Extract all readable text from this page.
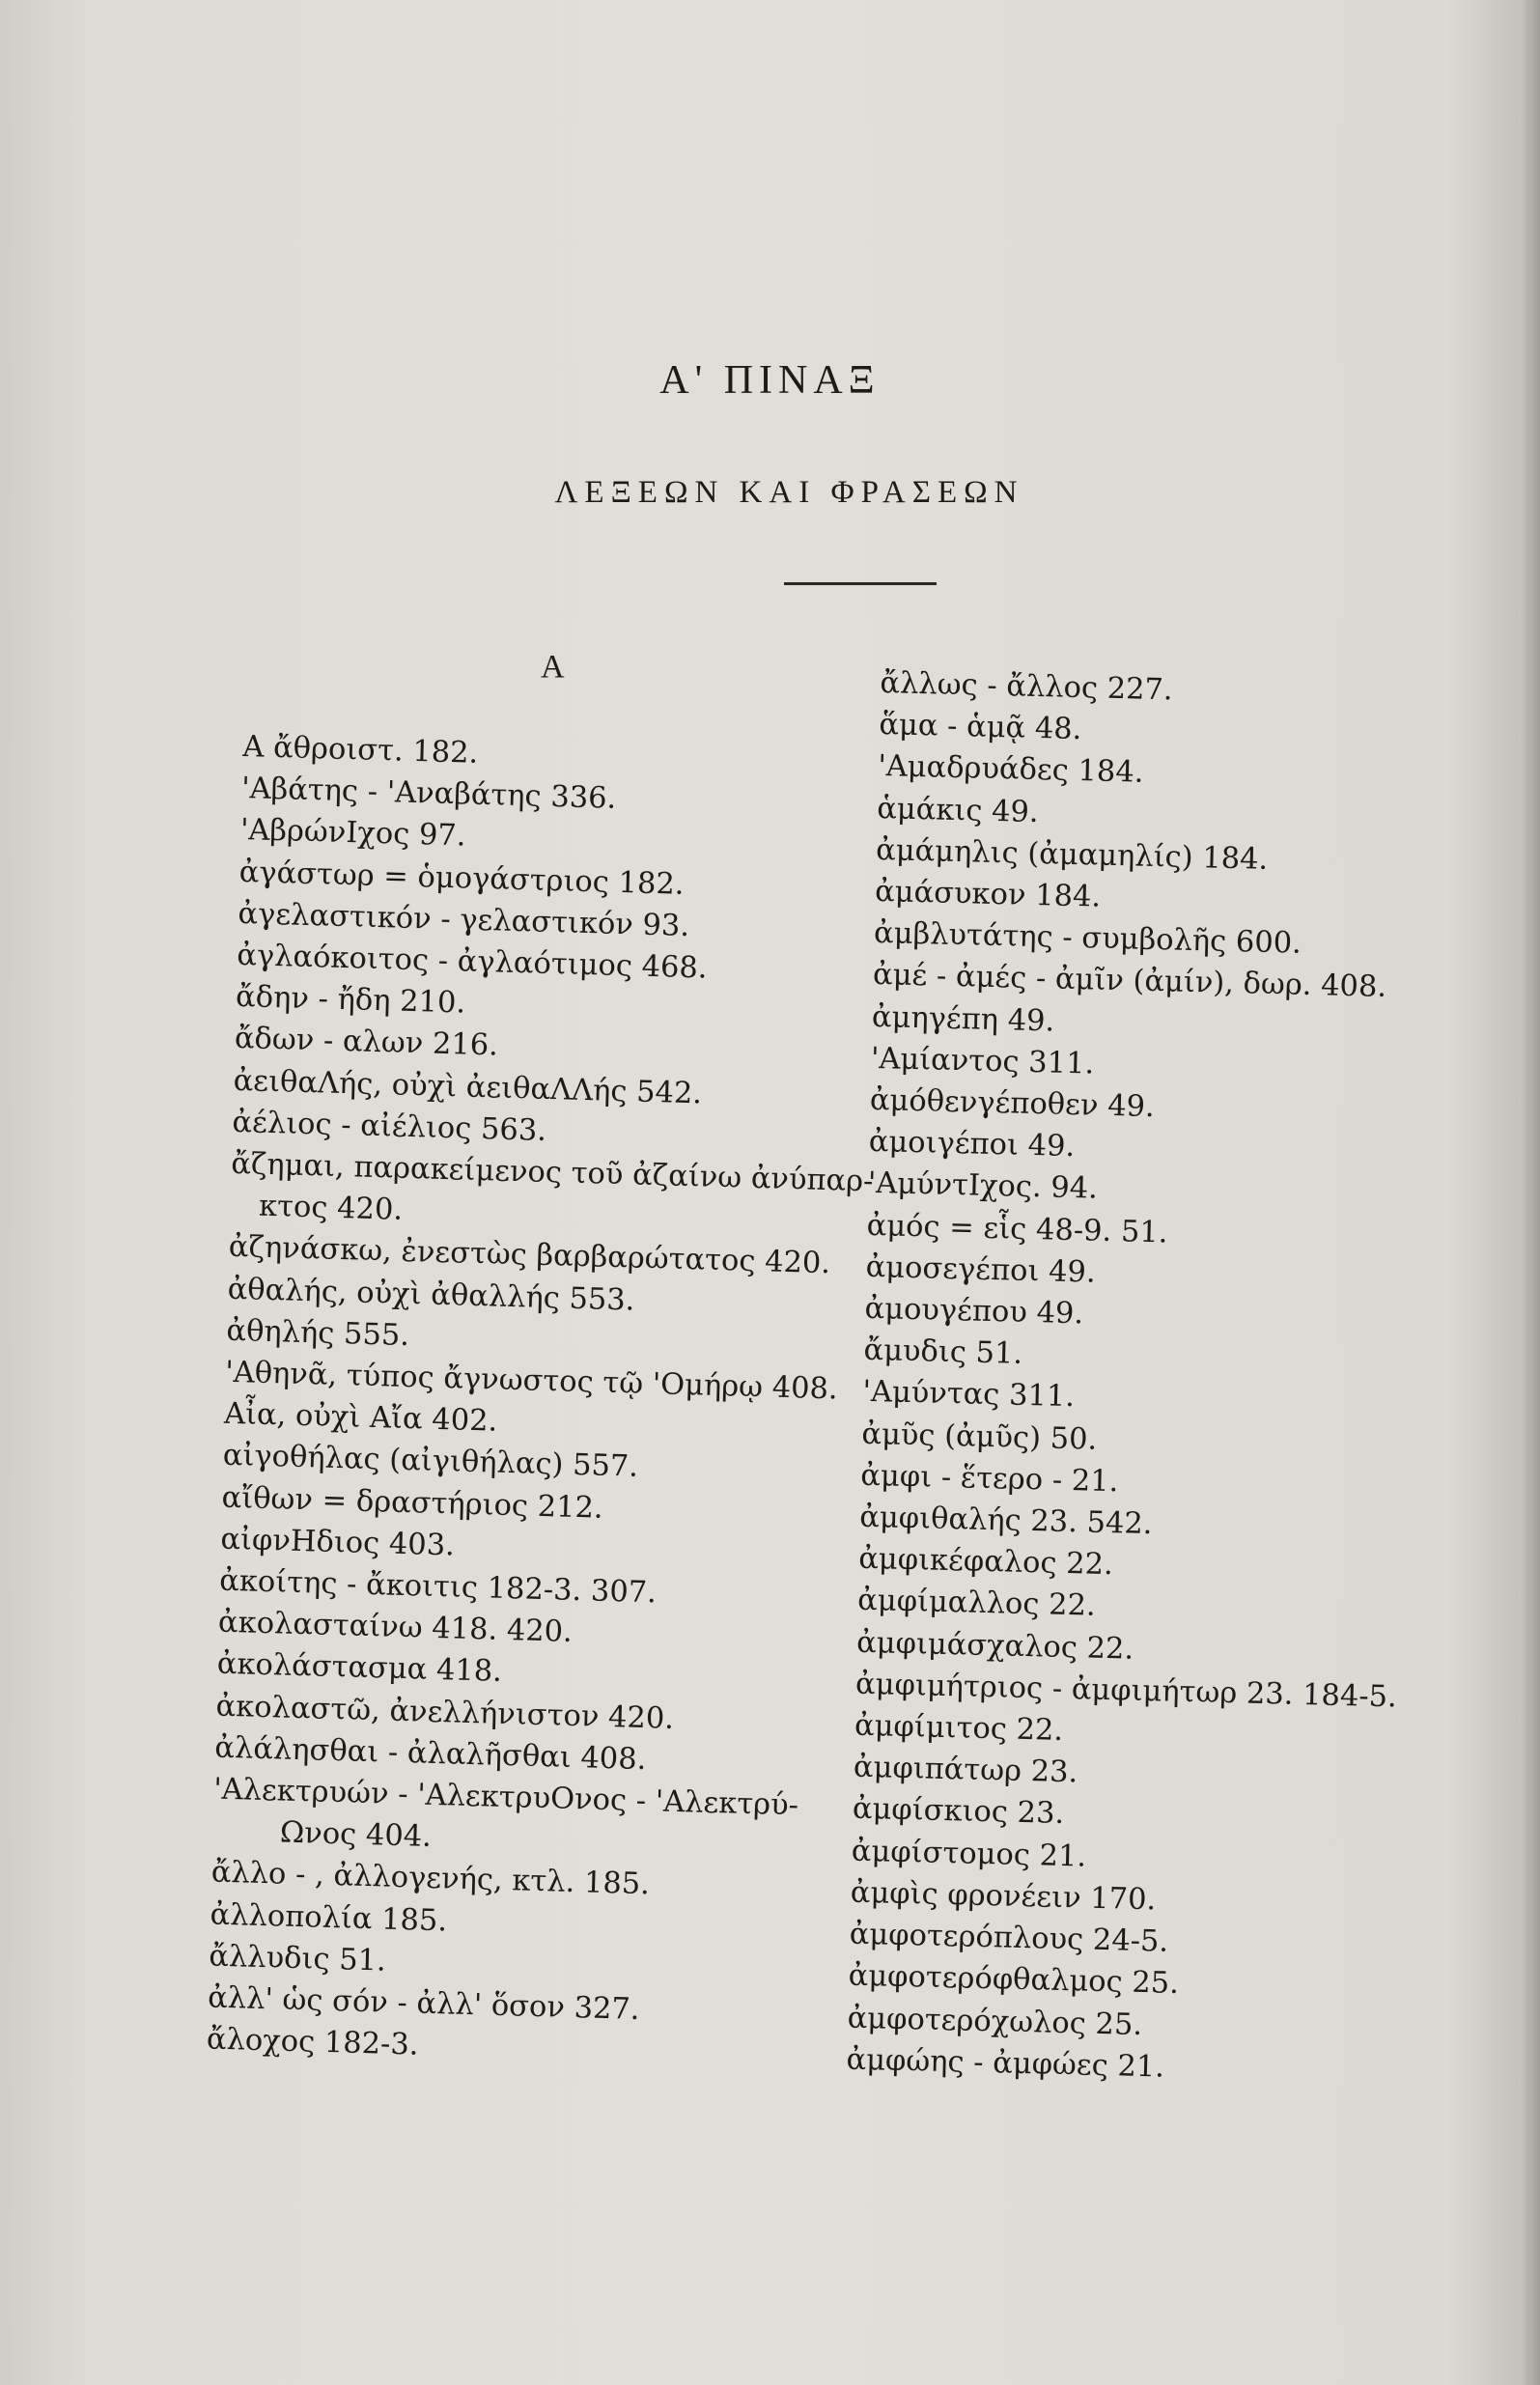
Α' ΠΙΝΑΞ
ΛΕΞΕΩΝ ΚΑΙ ΦΡΑΣΕΩΝ
Α
Α ἄθροιστ. 182.
'Αβάτης - 'Αναβάτης 336.
'ΑβρώνΙχος 97.
ἀγάστωρ = ὁμογάστριος 182.
ἀγελαστικόν - γελαστικόν 93.
ἀγλαόκοιτος - ἀγλαότιμος 468.
ἄδην - ἤδη 210.
ἄδων - αλων 216.
ἀειθαΛής, οὐχὶ ἀειθαΛΛής 542.
ἀέλιος - αἰέλιος 563.
ἄζημαι, παρακείμενος τοῦ ἀζαίνω ἀνύπαρ-
κτος 420.
ἀζηνάσκω, ἐνεστὼς βαρβαρώτατος 420.
ἀθαλής, οὐχὶ ἀθαλλής 553.
ἀθηλής 555.
'Αθηνᾶ, τύπος ἄγνωστος τῷ 'Ομήρῳ 408.
Αἶα, οὐχὶ Αἴα 402.
αἰγοθήλας (αἰγιθήλας) 557.
αἴθων = δραστήριος 212.
αἰφνΗδιος 403.
ἀκοίτης - ἄκοιτις 182-3. 307.
ἀκολασταίνω 418. 420.
ἀκολάστασμα 418.
ἀκολαστῶ, ἀνελλήνιστον 420.
ἀλάλησθαι - ἀλαλῆσθαι 408.
'Αλεκτρυών - 'ΑλεκτρυΟνος - 'Αλεκτρύ-
Ωνος 404.
ἄλλο - , ἀλλογενής, κτλ. 185.
ἀλλοπολία 185.
ἄλλυδις 51.
ἀλλ' ὡς σόν - ἀλλ' ὅσον 327.
ἄλοχος 182-3.
ἄλλως - ἄλλος 227.
ἅμα - ἁμᾷ 48.
'Αμαδρυάδες 184.
ἁμάκις 49.
ἀμάμηλις (ἀμαμηλίς) 184.
ἀμάσυκον 184.
ἀμβλυτάτης - συμβολῆς 600.
ἀμέ - ἀμές - ἀμῖν (ἀμίν), δωρ. 408.
ἀμηγέπη 49.
'Αμίαντος 311.
ἀμόθενγέποθεν 49.
ἀμοιγέποι 49.
'ΑμύντΙχος. 94.
ἀμός = εἷς 48-9. 51.
ἀμοσεγέποι 49.
ἀμουγέπου 49.
ἄμυδις 51.
'Αμύντας 311.
ἀμῦς (ἀμῦς) 50.
ἀμφι - ἕτερο - 21.
ἀμφιθαλής 23. 542.
ἀμφικέφαλος 22.
ἀμφίμαλλος 22.
ἀμφιμάσχαλος 22.
ἀμφιμήτριος - ἀμφιμήτωρ 23. 184-5.
ἀμφίμιτος 22.
ἀμφιπάτωρ 23.
ἀμφίσκιος 23.
ἀμφίστομος 21.
ἀμφὶς φρονέειν 170.
ἀμφοτερόπλους 24-5.
ἀμφοτερόφθαλμος 25.
ἀμφοτερόχωλος 25.
ἀμφώης - ἀμφώες 21.
